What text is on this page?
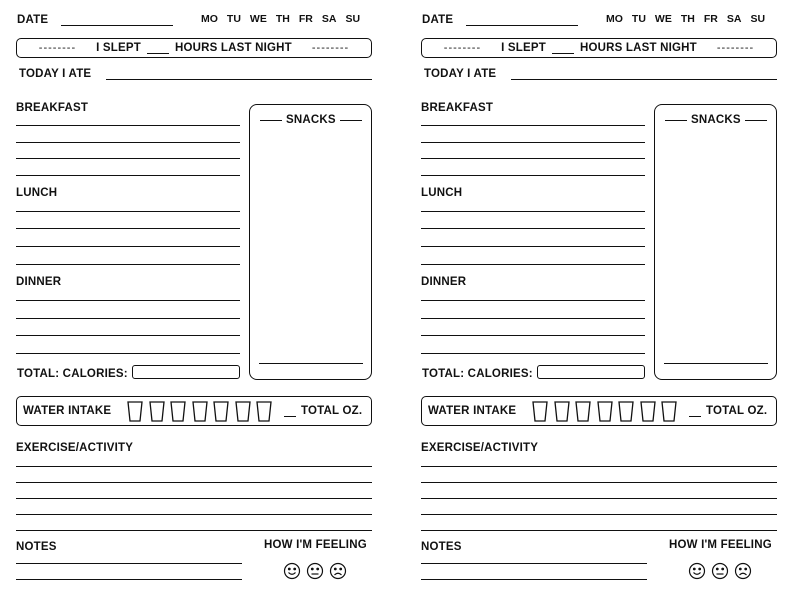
DATE	MO TU WE TH FR SA SU
-------- I SLEPT	HOURS LAST NIGHT --------
TODAY I ATE
BREAKFAST
LUNCH
DINNER
SNACKS
TOTAL: CALORIES:
WATER INTAKE	TOTAL OZ.
EXERCISE/ACTIVITY
NOTES	HOW I'M FEELING
DATE	MO TU WE TH FR SA SU
-------- I SLEPT	HOURS LAST NIGHT --------
TODAY I ATE
BREAKFAST
LUNCH
DINNER
SNACKS
TOTAL: CALORIES:
WATER INTAKE	TOTAL OZ.
EXERCISE/ACTIVITY
NOTES	HOW I'M FEELING
